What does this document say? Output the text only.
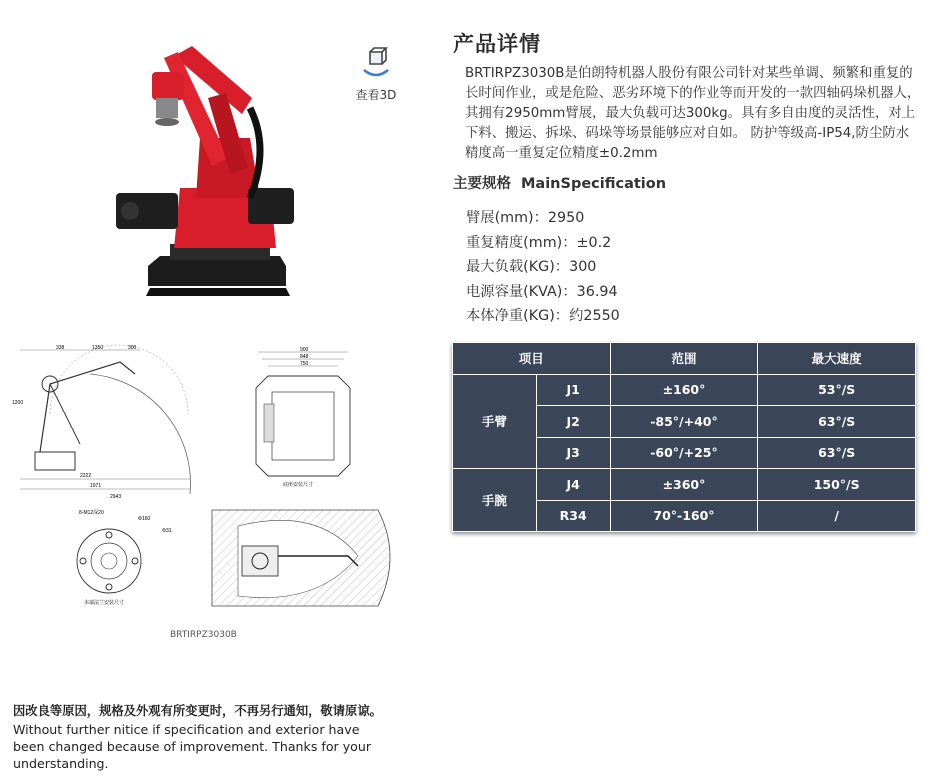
查看3D
338	1350	300
1200
2943
2222
1971
900
848
750
底座安装尺寸
8-M12深20
Φ160
Φ31
末端法兰安装尺寸
BRTIRPZ3030B
产品详情
BRTIRPZ3030B是伯朗特机器人股份有限公司针对某些单调、频繁和重复的长时间作业，或是危险、恶劣环境下的作业等而开发的一款四轴码垛机器人，其拥有2950mm臂展，最大负载可达300kg。具有多自由度的灵活性，对上下料、搬运、拆垛、码垛等场景能够应对自如。 防护等级高-IP54,防尘防水 精度高一重复定位精度±0.2mm
主要规格 MainSpecification
臂展(mm)：2950
重复精度(mm)：±0.2
最大负载(KG)：300
电源容量(KVA)：36.94
本体净重(KG)：约2550
项目		范围	最大速度
手臂	J1	±160°	53°/S
	J2	-85°/+40°	63°/S
	J3	-60°/+25°	63°/S
手腕	J4	±360°	150°/S
	R34	70°-160°	/
因改良等原因，规格及外观有所变更时，不再另行通知，敬请原谅。
Without further nitice if specification and exterior have been changed because of improvement. Thanks for your understanding.
